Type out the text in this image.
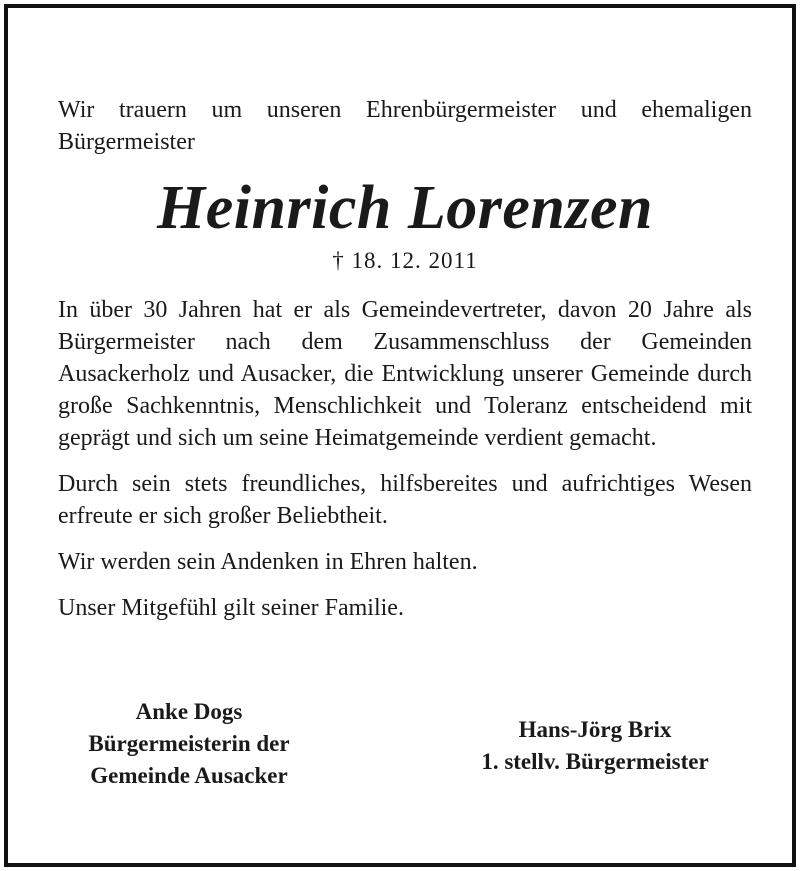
Wir trauern um unseren Ehrenbürgermeister und ehemaligen Bürgermeister

Heinrich Lorenzen
† 18. 12. 2011

In über 30 Jahren hat er als Gemeindevertreter, davon 20 Jahre als Bürgermeister nach dem Zusammenschluss der Gemeinden Ausackerholz und Ausacker, die Entwicklung unserer Gemeinde durch große Sachkenntnis, Menschlichkeit und Toleranz entscheidend mit geprägt und sich um seine Heimatgemeinde verdient gemacht.

Durch sein stets freundliches, hilfsbereites und aufrichtiges Wesen erfreute er sich großer Beliebtheit.

Wir werden sein Andenken in Ehren halten.

Unser Mitgefühl gilt seiner Familie.

Anke Dogs
Bürgermeisterin der
Gemeinde Ausacker
Hans-Jörg Brix
1. stellv. Bürgermeister
